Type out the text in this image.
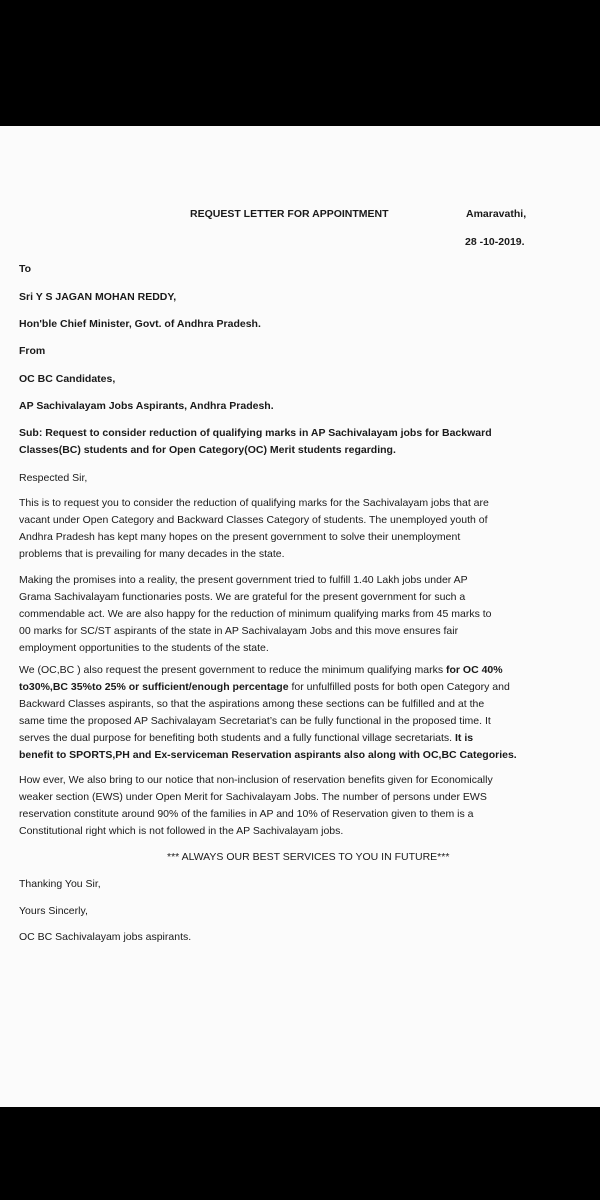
REQUEST LETTER FOR APPOINTMENT	Amaravathi,

28 -10-2019.

To

Sri Y S JAGAN MOHAN REDDY,

Hon'ble Chief Minister, Govt. of Andhra Pradesh.

From

OC BC Candidates,

AP Sachivalayam Jobs Aspirants, Andhra Pradesh.

Sub: Request to consider reduction of qualifying marks in AP Sachivalayam jobs for Backward
Classes(BC) students and for Open Category(OC) Merit students regarding.

Respected Sir,

This is to request you to consider the reduction of qualifying marks for the Sachivalayam jobs that are
vacant under Open Category and Backward Classes Category of students. The unemployed youth of
Andhra Pradesh has kept many hopes on the present government to solve their unemployment
problems that is prevailing for many decades in the state.
Making the promises into a reality, the present government tried to fulfill 1.40 Lakh jobs under AP
Grama Sachivalayam functionaries posts. We are grateful for the present government for such a
commendable act. We are also happy for the reduction of minimum qualifying marks from 45 marks to
00 marks for SC/ST aspirants of the state in AP Sachivalayam Jobs and this move ensures fair
employment opportunities to the students of the state.
We (OC,BC ) also request the present government to reduce the minimum qualifying marks for OC 40%
to30%,BC 35%to 25% or sufficient/enough percentage for unfulfilled posts for both open Category and
Backward Classes aspirants, so that the aspirations among these sections can be fulfilled and at the
same time the proposed AP Sachivalayam Secretariat’s can be fully functional in the proposed time. It
serves the dual purpose for benefiting both students and a fully functional village secretariats. It is
benefit to SPORTS,PH and Ex-serviceman Reservation aspirants also along with OC,BC Categories.
How ever, We also bring to our notice that non-inclusion of reservation benefits given for Economically
weaker section (EWS) under Open Merit for Sachivalayam Jobs. The number of persons under EWS
reservation constitute around 90% of the families in AP and 10% of Reservation given to them is a
Constitutional right which is not followed in the AP Sachivalayam jobs.

*** ALWAYS OUR BEST SERVICES TO YOU IN FUTURE***

Thanking You Sir,

Yours Sincerly,

OC BC Sachivalayam jobs aspirants.
